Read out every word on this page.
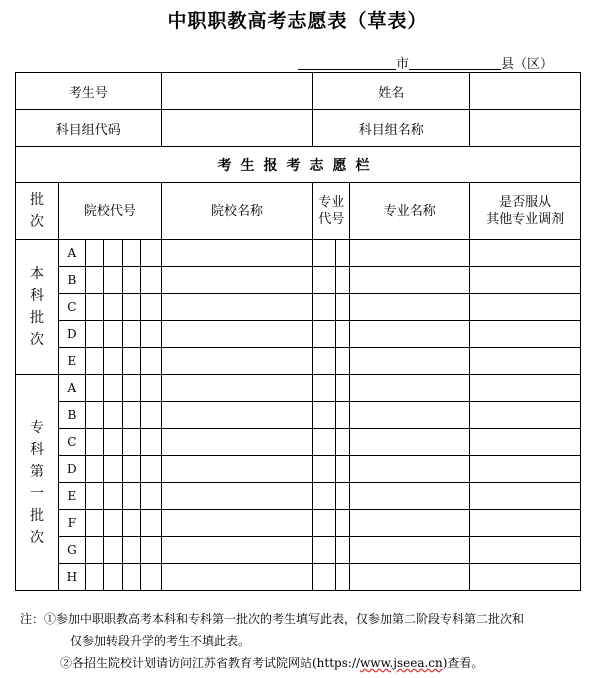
中职职教高考志愿表（草表）
市	县（区）
考生号							姓名			
科目组代码							科目组名称			
考生报考志愿栏										
批次	院校代号					院校名称	专业代号		专业名称	是否服从
其他专业调剂
本科批次	A									
	B									
	C									
	D									
	E									
专科第一批次	A									
	B									
	C									
	D									
	E									
	F									
	G									
	H									
注：①参加中职职教高考本科和专科第一批次的考生填写此表，仅参加第二阶段专科第二批次和
仅参加转段升学的考生不填此表。
②各招生院校计划请访问江苏省教育考试院网站(https://www.jseea.cn)查看。
